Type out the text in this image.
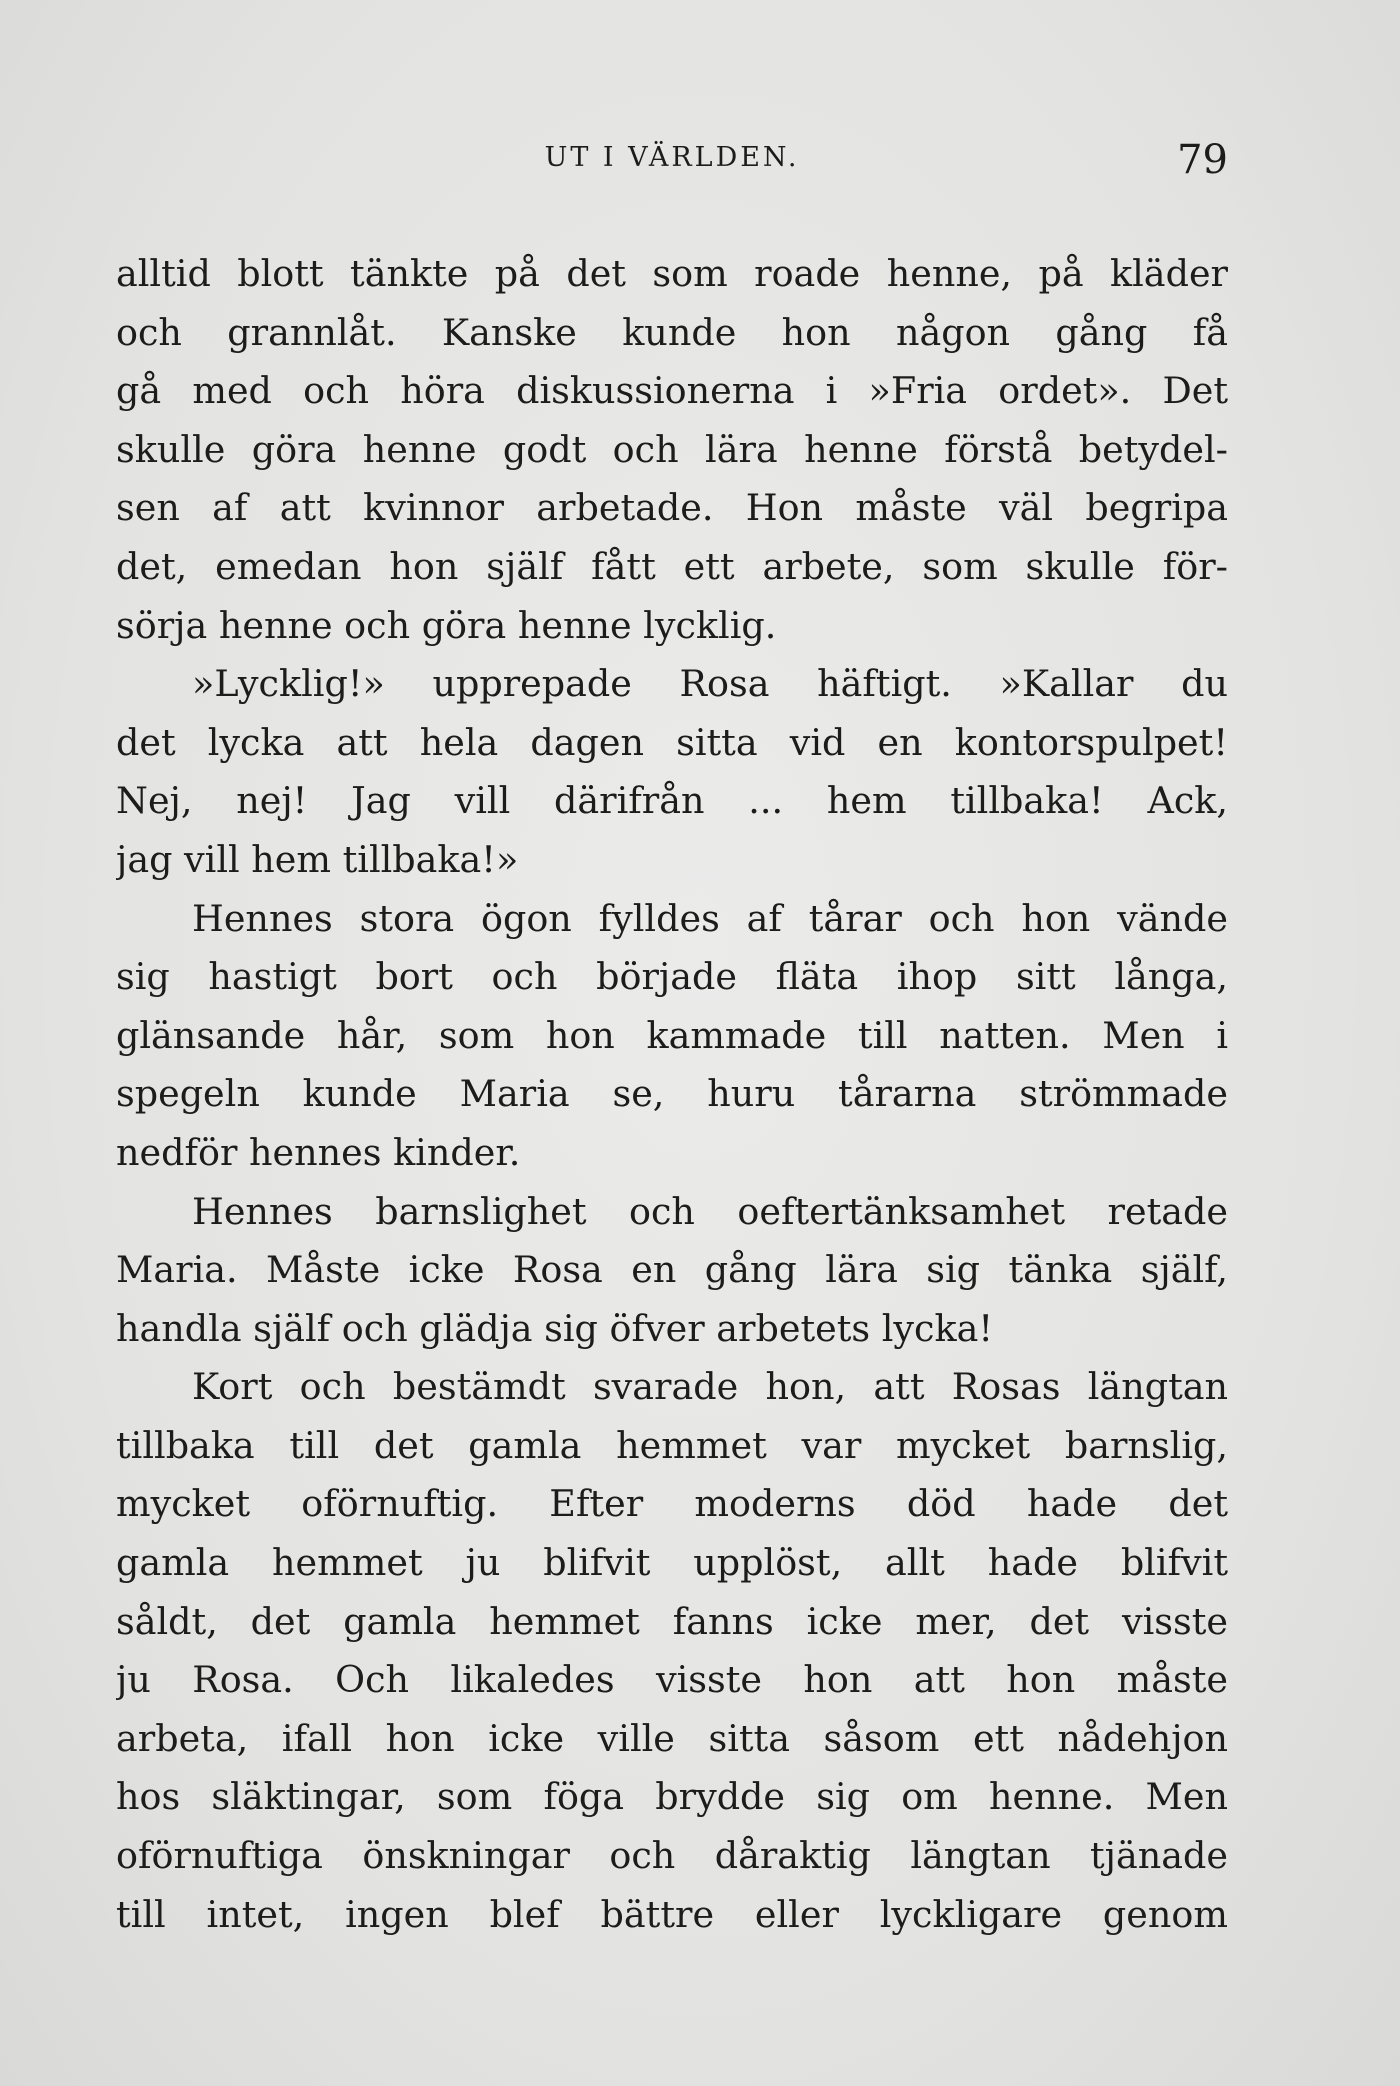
UT I VÄRLDEN.	79
alltid blott tänkte på det som roade henne, på kläder
och grannlåt. Kanske kunde hon någon gång få
gå med och höra diskussionerna i »Fria ordet». Det
skulle göra henne godt och lära henne förstå betydel-
sen af att kvinnor arbetade. Hon måste väl begripa
det, emedan hon själf fått ett arbete, som skulle för-
sörja henne och göra henne lycklig.
»Lycklig!» upprepade Rosa häftigt. »Kallar du
det lycka att hela dagen sitta vid en kontorspulpet!
Nej, nej! Jag vill därifrån ... hem tillbaka! Ack,
jag vill hem tillbaka!»
Hennes stora ögon fylldes af tårar och hon vände
sig hastigt bort och började fläta ihop sitt långa,
glänsande hår, som hon kammade till natten. Men i
spegeln kunde Maria se, huru tårarna strömmade
nedför hennes kinder.
Hennes barnslighet och oeftertänksamhet retade
Maria. Måste icke Rosa en gång lära sig tänka själf,
handla själf och glädja sig öfver arbetets lycka!
Kort och bestämdt svarade hon, att Rosas längtan
tillbaka till det gamla hemmet var mycket barnslig,
mycket oförnuftig. Efter moderns död hade det
gamla hemmet ju blifvit upplöst, allt hade blifvit
såldt, det gamla hemmet fanns icke mer, det visste
ju Rosa. Och likaledes visste hon att hon måste
arbeta, ifall hon icke ville sitta såsom ett nådehjon
hos släktingar, som föga brydde sig om henne. Men
oförnuftiga önskningar och dåraktig längtan tjänade
till intet, ingen blef bättre eller lyckligare genom
